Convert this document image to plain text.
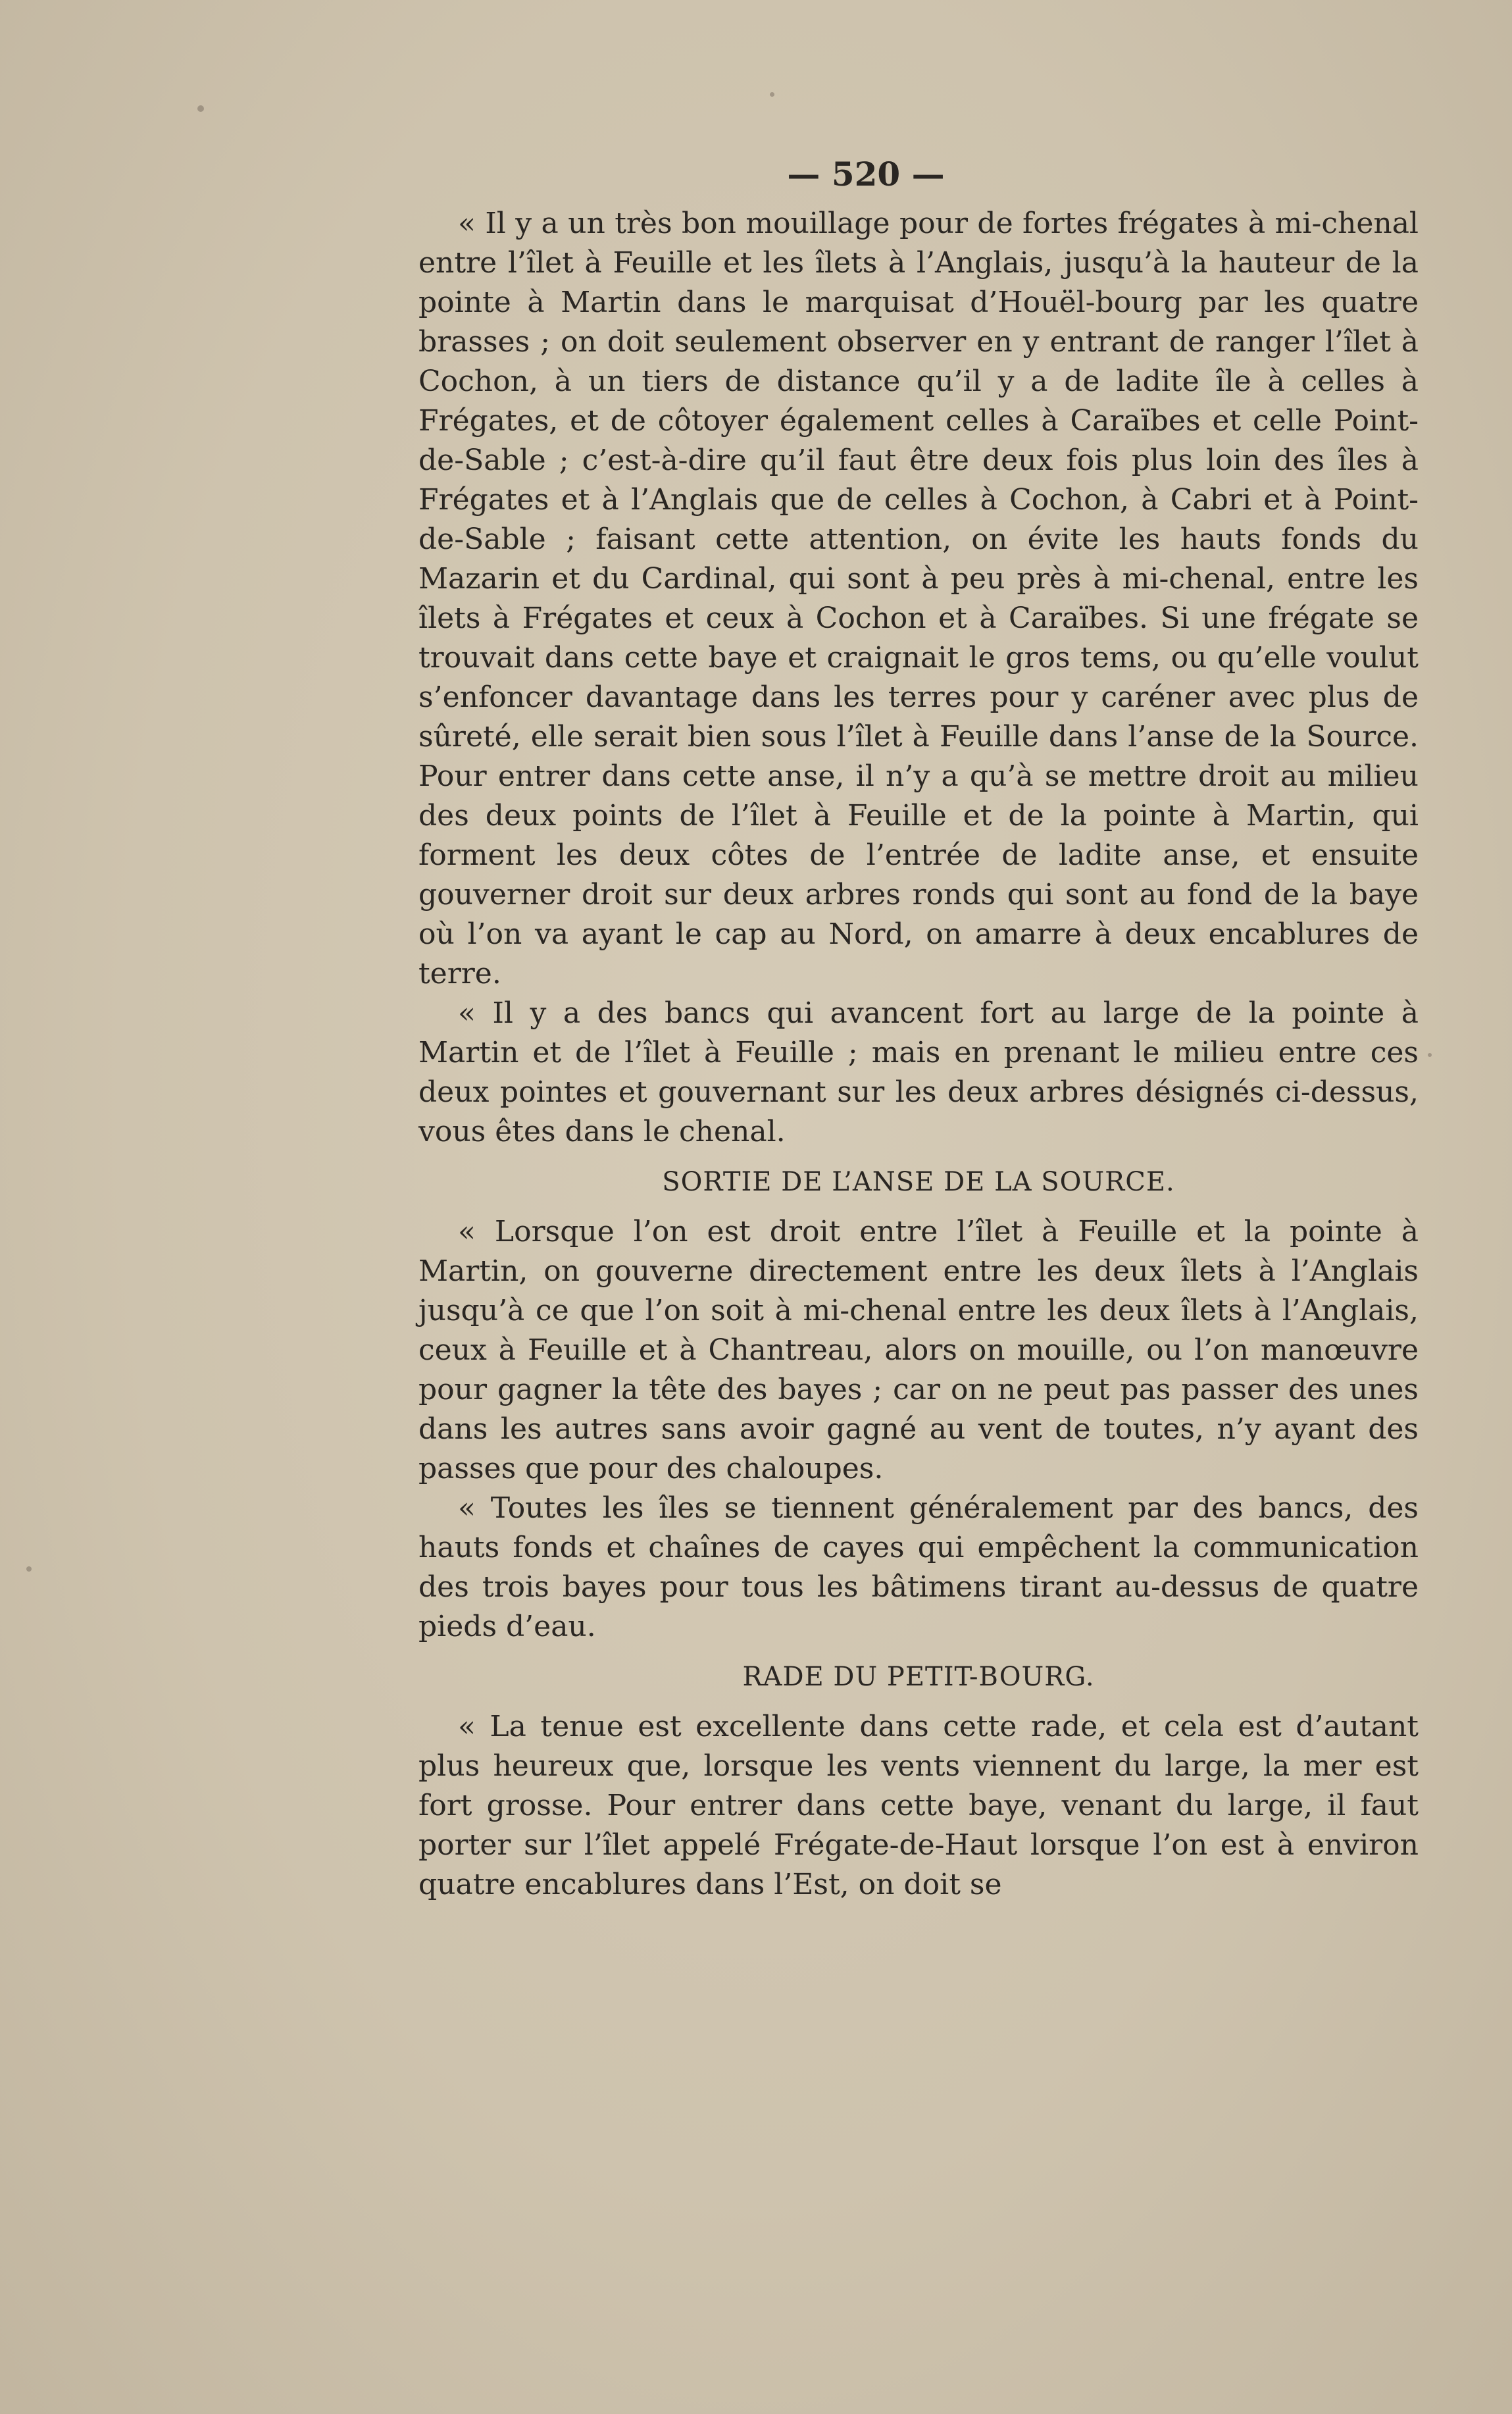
— 520 —

« Il y a un très bon mouillage pour de fortes frégates à mi-chenal entre l’îlet à Feuille et les îlets à l’Anglais, jusqu’à la hauteur de la pointe à Martin dans le marquisat d’Houël-bourg par les quatre brasses ; on doit seulement observer en y entrant de ranger l’îlet à Cochon, à un tiers de distance qu’il y a de ladite île à celles à Frégates, et de côtoyer également celles à Caraïbes et celle Point-de-Sable ; c’est-à-dire qu’il faut être deux fois plus loin des îles à Frégates et à l’Anglais que de celles à Cochon, à Cabri et à Point-de-Sable ; faisant cette attention, on évite les hauts fonds du Mazarin et du Cardinal, qui sont à peu près à mi-chenal, entre les îlets à Frégates et ceux à Cochon et à Caraïbes. Si une frégate se trouvait dans cette baye et craignait le gros tems, ou qu’elle voulut s’enfoncer davantage dans les terres pour y caréner avec plus de sûreté, elle serait bien sous l’îlet à Feuille dans l’anse de la Source. Pour entrer dans cette anse, il n’y a qu’à se mettre droit au milieu des deux points de l’îlet à Feuille et de la pointe à Martin, qui forment les deux côtes de l’entrée de ladite anse, et ensuite gouverner droit sur deux arbres ronds qui sont au fond de la baye où l’on va ayant le cap au Nord, on amarre à deux encablures de terre.

« Il y a des bancs qui avancent fort au large de la pointe à Martin et de l’îlet à Feuille ; mais en prenant le milieu entre ces deux pointes et gouvernant sur les deux arbres désignés ci-dessus, vous êtes dans le chenal.

SORTIE DE L’ANSE DE LA SOURCE.

« Lorsque l’on est droit entre l’îlet à Feuille et la pointe à Martin, on gouverne directement entre les deux îlets à l’Anglais jusqu’à ce que l’on soit à mi-chenal entre les deux îlets à l’Anglais, ceux à Feuille et à Chantreau, alors on mouille, ou l’on manœuvre pour gagner la tête des bayes ; car on ne peut pas passer des unes dans les autres sans avoir gagné au vent de toutes, n’y ayant des passes que pour des chaloupes.

« Toutes les îles se tiennent généralement par des bancs, des hauts fonds et chaînes de cayes qui empêchent la communication des trois bayes pour tous les bâtimens tirant au-dessus de quatre pieds d’eau.

RADE DU PETIT-BOURG.

« La tenue est excellente dans cette rade, et cela est d’autant plus heureux que, lorsque les vents viennent du large, la mer est fort grosse. Pour entrer dans cette baye, venant du large, il faut porter sur l’îlet appelé Frégate-de-Haut lorsque l’on est à environ quatre encablures dans l’Est, on doit se
